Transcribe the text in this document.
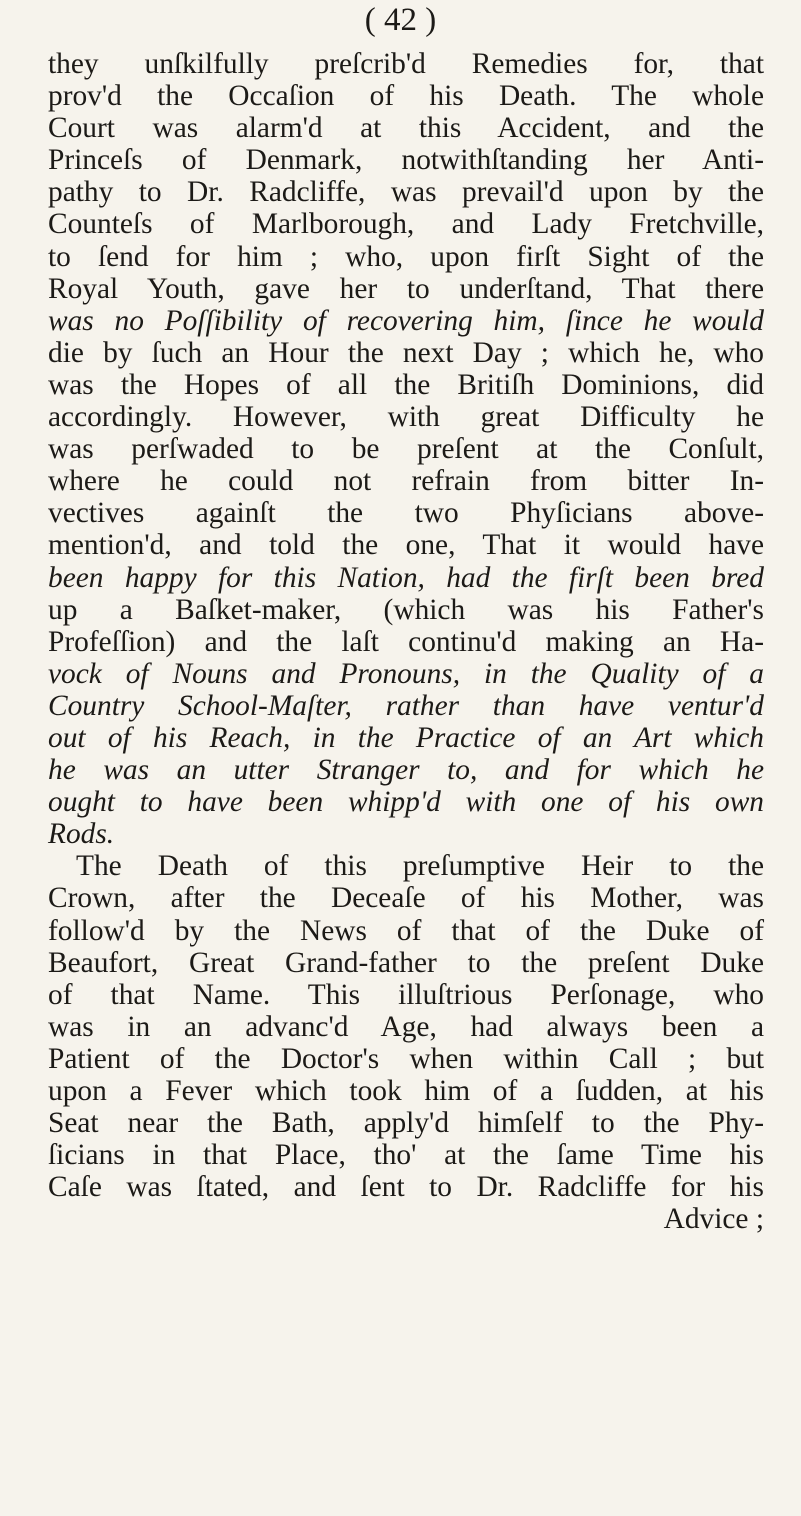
( 42 )
they unſkilfully preſcrib'd Remedies for, that
prov'd the Occaſion of his Death. The whole
Court was alarm'd at this Accident, and the
Princeſs of Denmark, notwithſtanding her Anti-
pathy to Dr. Radcliffe, was prevail'd upon by the
Counteſs of Marlborough, and Lady Fretchville,
to ſend for him ; who, upon firſt Sight of the
Royal Youth, gave her to underſtand, That there
was no Poſſibility of recovering him, ſince he would
die by ſuch an Hour the next Day ; which he, who
was the Hopes of all the Britiſh Dominions, did
accordingly. However, with great Difficulty he
was perſwaded to be preſent at the Conſult,
where he could not refrain from bitter In-
vectives againſt the two Phyſicians above-
mention'd, and told the one, That it would have
been happy for this Nation, had the firſt been bred
up a Baſket-maker, (which was his Father's
Profeſſion) and the laſt continu'd making an Ha-
vock of Nouns and Pronouns, in the Quality of a
Country School-Maſter, rather than have ventur'd
out of his Reach, in the Practice of an Art which
he was an utter Stranger to, and for which he
ought to have been whipp'd with one of his own
Rods.
The Death of this preſumptive Heir to the
Crown, after the Deceaſe of his Mother, was
follow'd by the News of that of the Duke of
Beaufort, Great Grand-father to the preſent Duke
of that Name. This illuſtrious Perſonage, who
was in an advanc'd Age, had always been a
Patient of the Doctor's when within Call ; but
upon a Fever which took him of a ſudden, at his
Seat near the Bath, apply'd himſelf to the Phy-
ſicians in that Place, tho' at the ſame Time his
Caſe was ſtated, and ſent to Dr. Radcliffe for his
Advice ;
